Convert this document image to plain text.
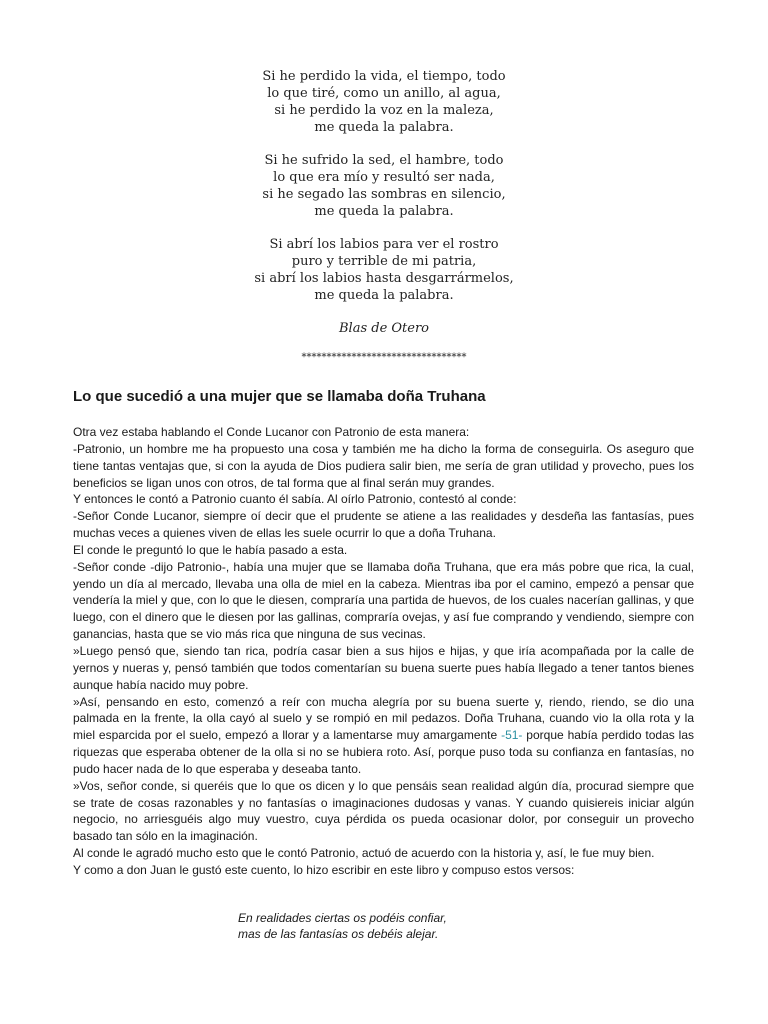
Si he perdido la vida, el tiempo, todo
lo que tiré, como un anillo, al agua,
si he perdido la voz en la maleza,
me queda la palabra.
Si he sufrido la sed, el hambre, todo
lo que era mío y resultó ser nada,
si he segado las sombras en silencio,
me queda la palabra.
Si abrí los labios para ver el rostro
puro y terrible de mi patria,
si abrí los labios hasta desgarrármelos,
me queda la palabra.
Blas de Otero
*********************************
Lo que sucedió a una mujer que se llamaba doña Truhana

Otra vez estaba hablando el Conde Lucanor con Patronio de esta manera:

-Patronio, un hombre me ha propuesto una cosa y también me ha dicho la forma de conseguirla. Os aseguro que tiene tantas ventajas que, si con la ayuda de Dios pudiera salir bien, me sería de gran utilidad y provecho, pues los beneficios se ligan unos con otros, de tal forma que al final serán muy grandes.

Y entonces le contó a Patronio cuanto él sabía. Al oírlo Patronio, contestó al conde:

-Señor Conde Lucanor, siempre oí decir que el prudente se atiene a las realidades y desdeña las fantasías, pues muchas veces a quienes viven de ellas les suele ocurrir lo que a doña Truhana.

El conde le preguntó lo que le había pasado a esta.

-Señor conde -dijo Patronio-, había una mujer que se llamaba doña Truhana, que era más pobre que rica, la cual, yendo un día al mercado, llevaba una olla de miel en la cabeza. Mientras iba por el camino, empezó a pensar que vendería la miel y que, con lo que le diesen, compraría una partida de huevos, de los cuales nacerían gallinas, y que luego, con el dinero que le diesen por las gallinas, compraría ovejas, y así fue comprando y vendiendo, siempre con ganancias, hasta que se vio más rica que ninguna de sus vecinas.

»Luego pensó que, siendo tan rica, podría casar bien a sus hijos e hijas, y que iría acompañada por la calle de yernos y nueras y, pensó también que todos comentarían su buena suerte pues había llegado a tener tantos bienes aunque había nacido muy pobre.

»Así, pensando en esto, comenzó a reír con mucha alegría por su buena suerte y, riendo, riendo, se dio una palmada en la frente, la olla cayó al suelo y se rompió en mil pedazos. Doña Truhana, cuando vio la olla rota y la miel esparcida por el suelo, empezó a llorar y a lamentarse muy amargamente -51- porque había perdido todas las riquezas que esperaba obtener de la olla si no se hubiera roto. Así, porque puso toda su confianza en fantasías, no pudo hacer nada de lo que esperaba y deseaba tanto.

»Vos, señor conde, si queréis que lo que os dicen y lo que pensáis sean realidad algún día, procurad siempre que se trate de cosas razonables y no fantasías o imaginaciones dudosas y vanas. Y cuando quisiereis iniciar algún negocio, no arriesguéis algo muy vuestro, cuya pérdida os pueda ocasionar dolor, por conseguir un provecho basado tan sólo en la imaginación.

Al conde le agradó mucho esto que le contó Patronio, actuó de acuerdo con la historia y, así, le fue muy bien.

Y como a don Juan le gustó este cuento, lo hizo escribir en este libro y compuso estos versos:

En realidades ciertas os podéis confiar,
mas de las fantasías os debéis alejar.
